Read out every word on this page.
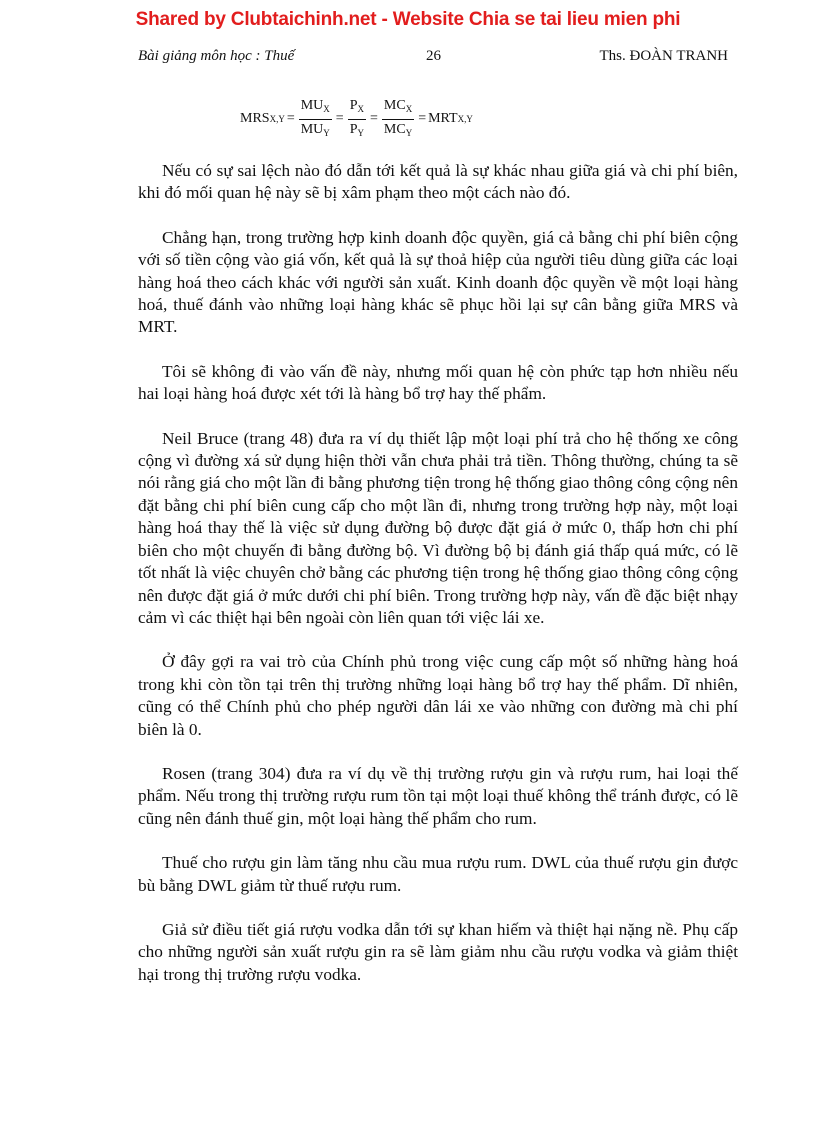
Shared by Clubtaichinh.net - Website Chia se tai lieu mien phi
Bài giảng môn học : Thuế	26	Ths. ĐOÀN TRANH
MRS $X,Y = \frac{MU_X}{MU_Y} = \frac{P_X}{P_Y} = \frac{MC_X}{MC_Y}$ = MRT X,Y

Nếu có sự sai lệch nào đó dẫn tới kết quả là sự khác nhau giữa giá và chi phí biên, khi đó mối quan hệ này sẽ bị xâm phạm theo một cách nào đó.

Chẳng hạn, trong trường hợp kinh doanh độc quyền, giá cả bằng chi phí biên cộng với số tiền cộng vào giá vốn, kết quả là sự thoả hiệp của người tiêu dùng giữa các loại hàng hoá theo cách khác với người sản xuất. Kinh doanh độc quyền về một loại hàng hoá, thuế đánh vào những loại hàng khác sẽ phục hồi lại sự cân bằng giữa MRS và MRT.

Tôi sẽ không đi vào vấn đề này, nhưng mối quan hệ còn phức tạp hơn nhiều nếu hai loại hàng hoá được xét tới là hàng bổ trợ hay thế phẩm.

Neil Bruce (trang 48) đưa ra ví dụ thiết lập một loại phí trả cho hệ thống xe công cộng vì đường xá sử dụng hiện thời vẫn chưa phải trả tiền. Thông thường, chúng ta sẽ nói rằng giá cho một lần đi bằng phương tiện trong hệ thống giao thông công cộng nên đặt bằng chi phí biên cung cấp cho một lần đi, nhưng trong trường hợp này, một loại hàng hoá thay thế là việc sử dụng đường bộ được đặt giá ở mức 0, thấp hơn chi phí biên cho một chuyến đi bằng đường bộ. Vì đường bộ bị đánh giá thấp quá mức, có lẽ tốt nhất là việc chuyên chở bằng các phương tiện trong hệ thống giao thông công cộng nên được đặt giá ở mức dưới chi phí biên. Trong trường hợp này, vấn đề đặc biệt nhạy cảm vì các thiệt hại bên ngoài còn liên quan tới việc lái xe.

Ở đây gợi ra vai trò của Chính phủ trong việc cung cấp một số những hàng hoá trong khi còn tồn tại trên thị trường những loại hàng bổ trợ hay thế phẩm. Dĩ nhiên, cũng có thể Chính phủ cho phép người dân lái xe vào những con đường mà chi phí biên là 0.

Rosen (trang 304) đưa ra ví dụ về thị trường rượu gin và rượu rum, hai loại thế phẩm. Nếu trong thị trường rượu rum tồn tại một loại thuế không thể tránh được, có lẽ cũng nên đánh thuế gin, một loại hàng thế phẩm cho rum.

Thuế cho rượu gin làm tăng nhu cầu mua rượu rum. DWL của thuế rượu gin được bù bằng DWL giảm từ thuế rượu rum.

Giả sử điều tiết giá rượu vodka dẫn tới sự khan hiếm và thiệt hại nặng nề. Phụ cấp cho những người sản xuất rượu gin ra sẽ làm giảm nhu cầu rượu vodka và giảm thiệt hại trong thị trường rượu vodka.
